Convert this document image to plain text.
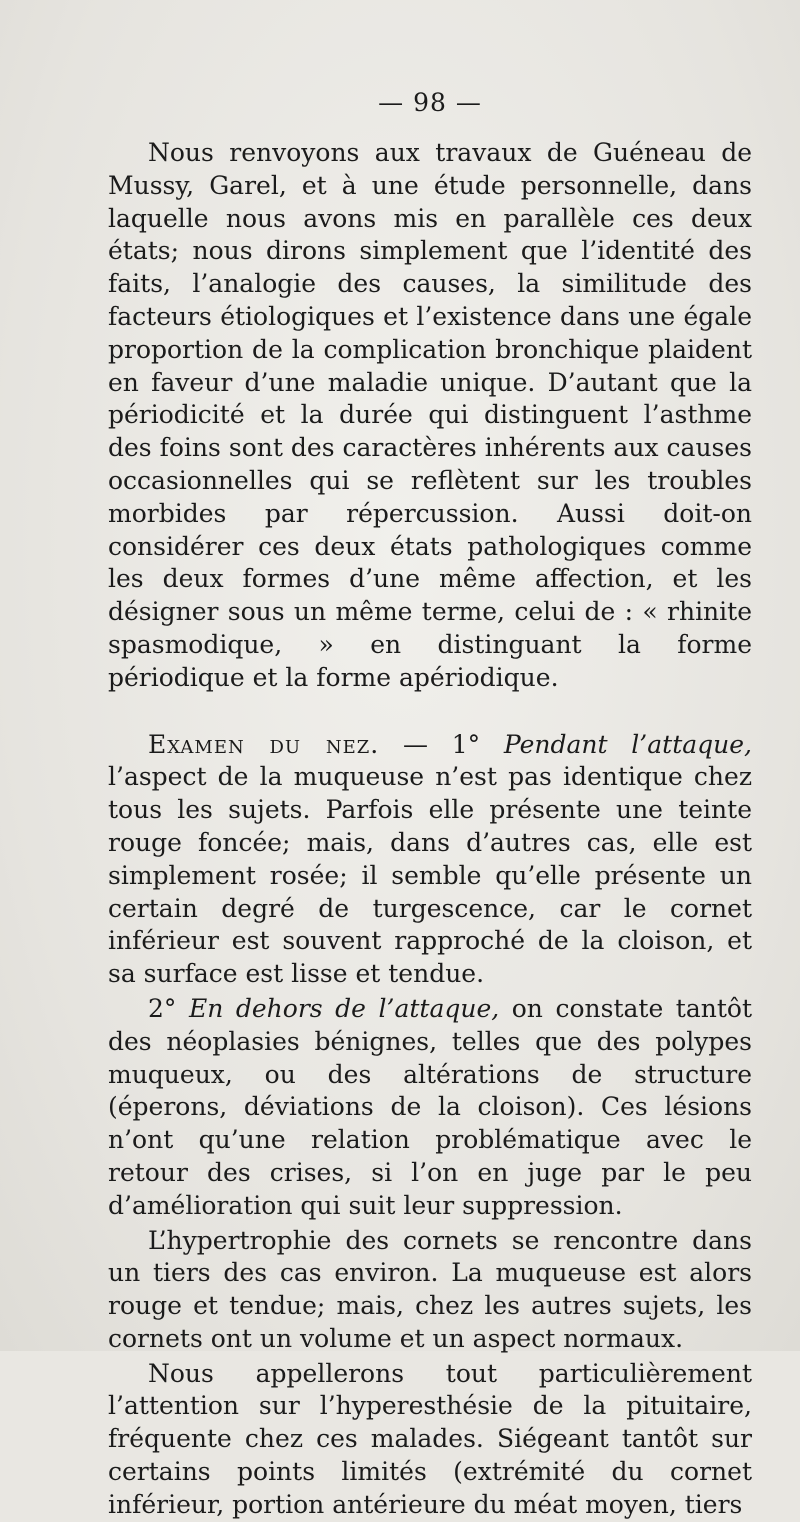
— 98 —

Nous renvoyons aux travaux de Guéneau de Mussy, Garel, et à une étude personnelle, dans laquelle nous avons mis en parallèle ces deux états; nous dirons simplement que l’identité des faits, l’analogie des causes, la similitude des facteurs étiologiques et l’existence dans une égale proportion de la complication bronchique plaident en faveur d’une maladie unique. D’autant que la périodicité et la durée qui distinguent l’asthme des foins sont des caractères inhérents aux causes occasionnelles qui se reflètent sur les troubles morbides par répercussion. Aussi doit-on considérer ces deux états pathologiques comme les deux formes d’une même affection, et les désigner sous un même terme, celui de : « rhinite spasmodique, » en distinguant la forme périodique et la forme apériodique.

Examen du nez. — 1° Pendant l’attaque, l’aspect de la muqueuse n’est pas identique chez tous les sujets. Parfois elle présente une teinte rouge foncée; mais, dans d’autres cas, elle est simplement rosée; il semble qu’elle présente un certain degré de turgescence, car le cornet inférieur est souvent rapproché de la cloison, et sa surface est lisse et tendue.

2° En dehors de l’attaque, on constate tantôt des néoplasies bénignes, telles que des polypes muqueux, ou des altérations de structure (éperons, déviations de la cloison). Ces lésions n’ont qu’une relation problématique avec le retour des crises, si l’on en juge par le peu d’amélioration qui suit leur suppression.

L’hypertrophie des cornets se rencontre dans un tiers des cas environ. La muqueuse est alors rouge et tendue; mais, chez les autres sujets, les cornets ont un volume et un aspect normaux.

Nous appellerons tout particulièrement l’attention sur l’hyperesthésie de la pituitaire, fréquente chez ces malades. Siégeant tantôt sur certains points limités (extrémité du cornet inférieur, portion antérieure du méat moyen, tiers
